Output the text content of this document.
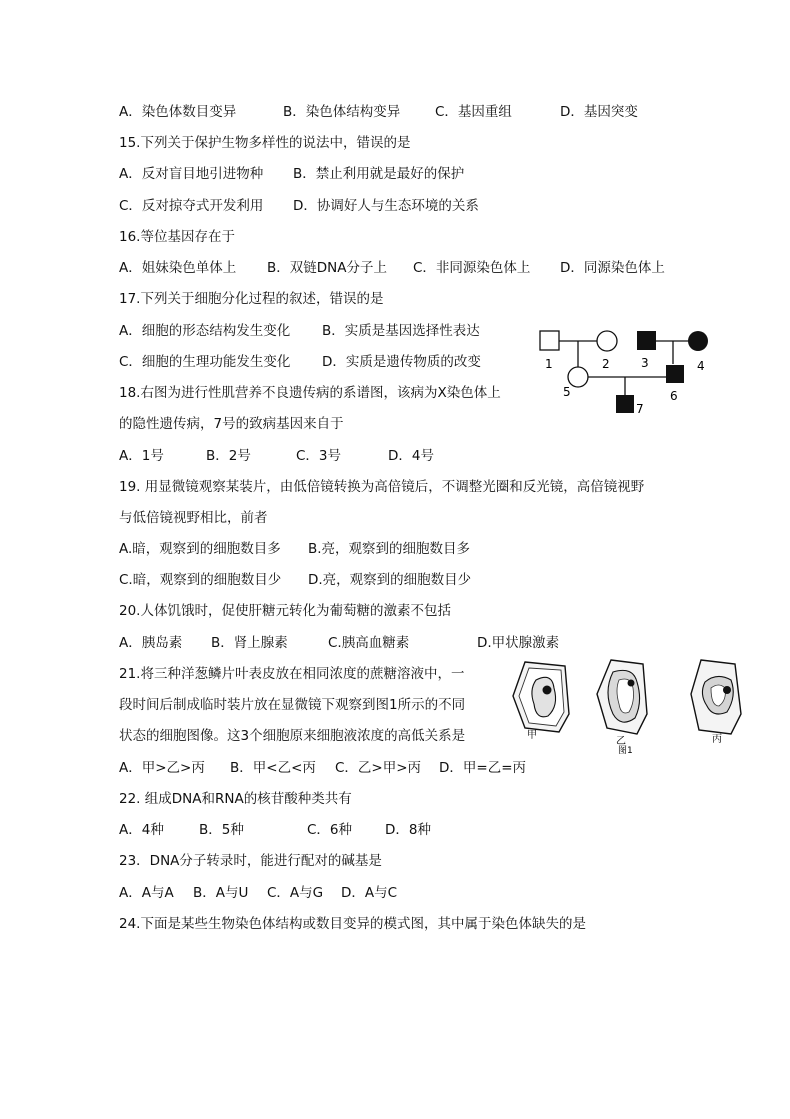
A．染色体数目变异	B．染色体结构变异	C．基因重组	D．基因突变
15.下列关于保护生物多样性的说法中，错误的是
A．反对盲目地引进物种 B．禁止利用就是最好的保护
C．反对掠夺式开发利用 D．协调好人与生态环境的关系
16.等位基因存在于
A．姐妹染色单体上 B．双链DNA分子上 C．非同源染色体上 D．同源染色体上
17.下列关于细胞分化过程的叙述，错误的是
A．细胞的形态结构发生变化 B．实质是基因选择性表达
C．细胞的生理功能发生变化 D．实质是遗传物质的改变	1	2	3	4
5	6
7
18.右图为进行性肌营养不良遗传病的系谱图，该病为X染色体上
的隐性遗传病，7号的致病基因来自于
A．1号	B．2号	C．3号	D．4号
19. 用显微镜观察某装片，由低倍镜转换为高倍镜后，不调整光圈和反光镜，高倍镜视野
与低倍镜视野相比，前者
A.暗，观察到的细胞数目多 B.亮，观察到的细胞数目多
C.暗，观察到的细胞数目少 D.亮，观察到的细胞数目少
20.人体饥饿时，促使肝糖元转化为葡萄糖的激素不包括
A．胰岛素 B．肾上腺素	C.胰高血糖素	D.甲状腺激素
甲
乙	丙
图1
21.将三种洋葱鳞片叶表皮放在相同浓度的蔗糖溶液中，一
段时间后制成临时装片放在显微镜下观察到图1所示的不同
状态的细胞图像。这3个细胞原来细胞液浓度的高低关系是
A．甲>乙>丙 B．甲<乙<丙 C．乙>甲>丙 D．甲=乙=丙
22. 组成DNA和RNA的核苷酸种类共有
A．4种	B．5种	C．6种 D．8种
23．DNA分子转录时，能进行配对的碱基是
A．A与A B．A与U C．A与G D．A与C
24.下面是某些生物染色体结构或数目变异的模式图，其中属于染色体缺失的是
